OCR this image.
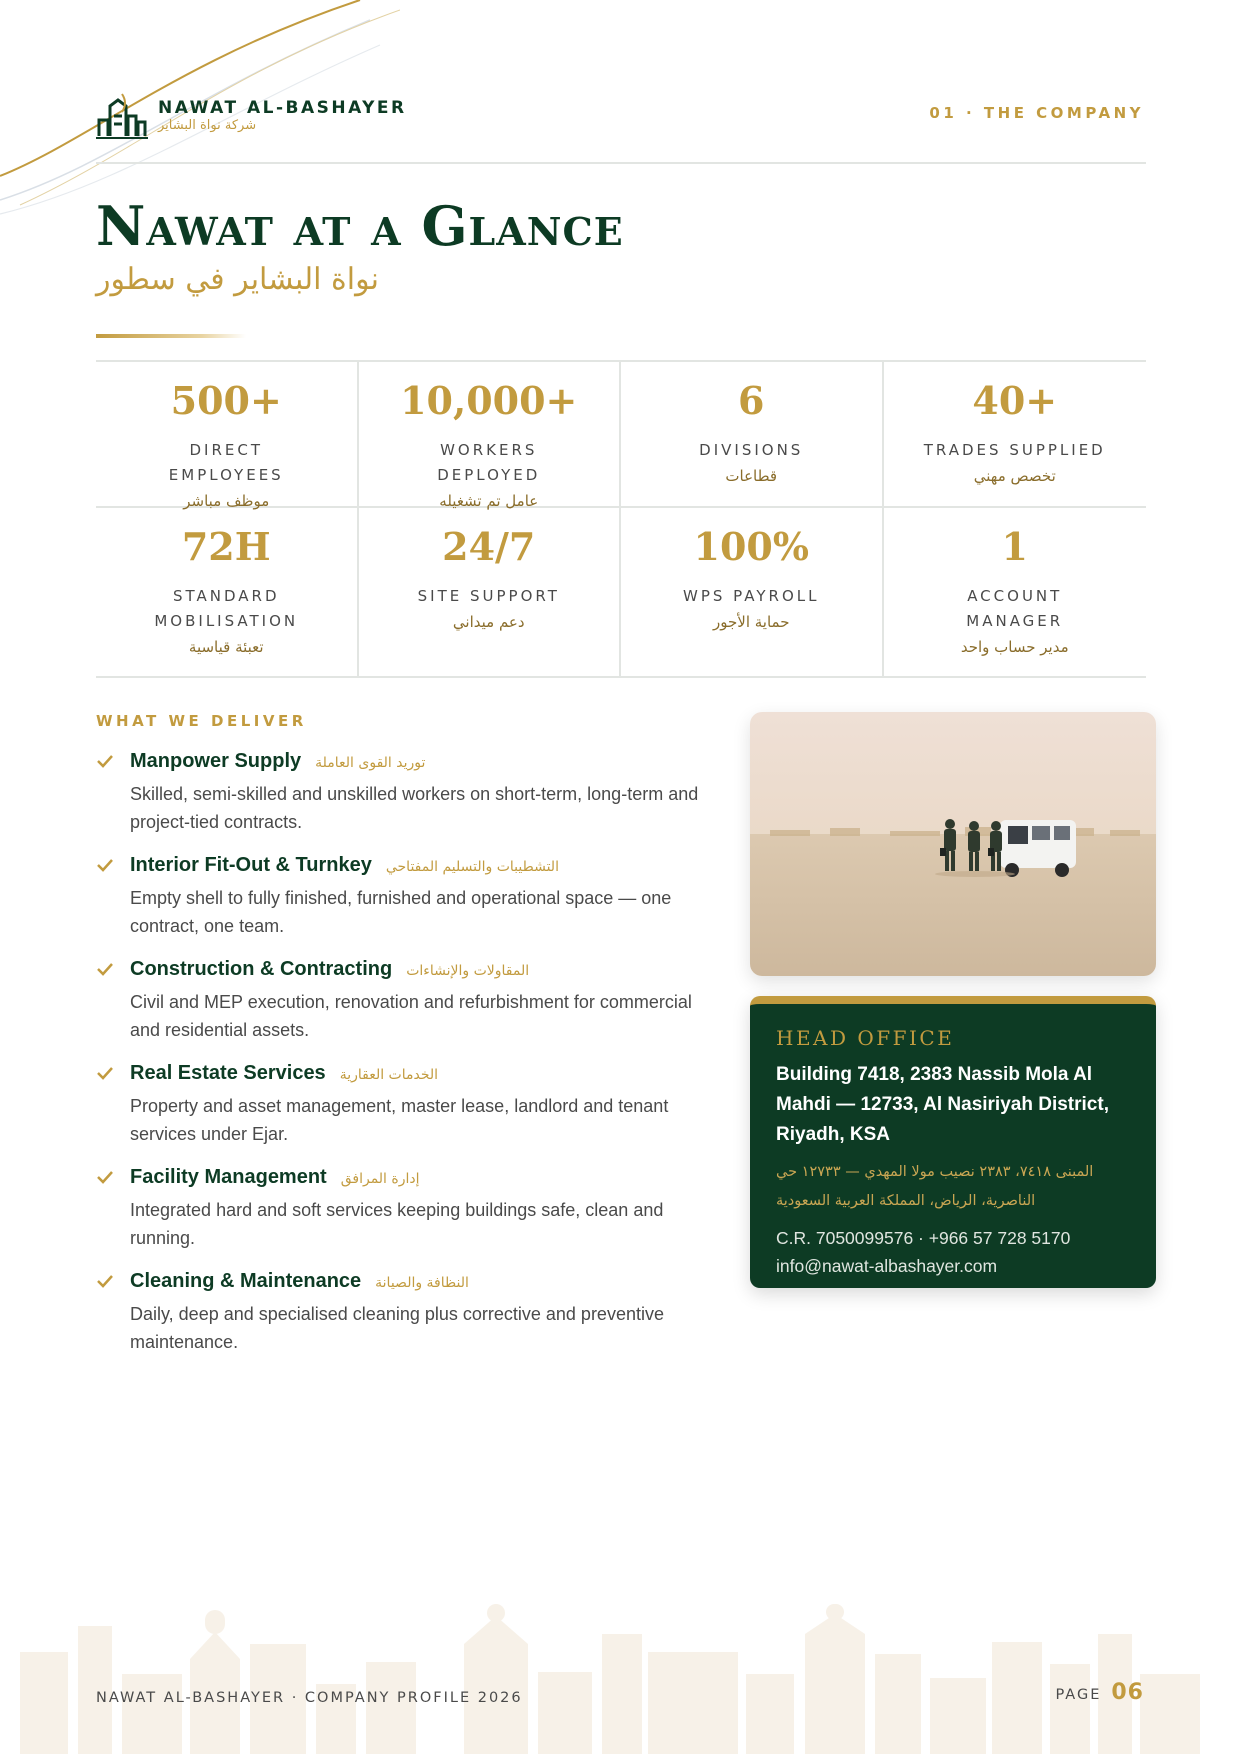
NAWAT AL-BASHAYER
شركة نواة البشاير
01 · THE COMPANY
Nawat at a Glance
نواة البشاير في سطور
500+
DIRECT EMPLOYEES
موظف مباشر
10,000+
WORKERS DEPLOYED
عامل تم تشغيله
6
DIVISIONS
قطاعات
40+
TRADES SUPPLIED
تخصص مهني
72H
STANDARD MOBILISATION
تعبئة قياسية
24/7
SITE SUPPORT
دعم ميداني
100%
WPS PAYROLL
حماية الأجور
1
ACCOUNT MANAGER
مدير حساب واحد
WHAT WE DELIVER
Manpower Supply توريد القوى العاملة
Skilled, semi-skilled and unskilled workers on short-term, long-term and project-tied contracts.
Interior Fit-Out & Turnkey التشطيبات والتسليم المفتاحي
Empty shell to fully finished, furnished and operational space — one contract, one team.
Construction & Contracting المقاولات والإنشاءات
Civil and MEP execution, renovation and refurbishment for commercial and residential assets.
Real Estate Services الخدمات العقارية
Property and asset management, master lease, landlord and tenant services under Ejar.
Facility Management إدارة المرافق
Integrated hard and soft services keeping buildings safe, clean and running.
Cleaning & Maintenance النظافة والصيانة
Daily, deep and specialised cleaning plus corrective and preventive maintenance.
HEAD OFFICE
Building 7418, 2383 Nassib Mola Al Mahdi — 12733, Al Nasiriyah District, Riyadh, KSA
المبنى ٧٤١٨، ٢٣٨٣ نصيب مولا المهدي — ١٢٧٣٣ حي الناصرية، الرياض، المملكة العربية السعودية
C.R. 7050099576 · +966 57 728 5170
info@nawat-albashayer.com
NAWAT AL-BASHAYER · COMPANY PROFILE 2026	PAGE 06
